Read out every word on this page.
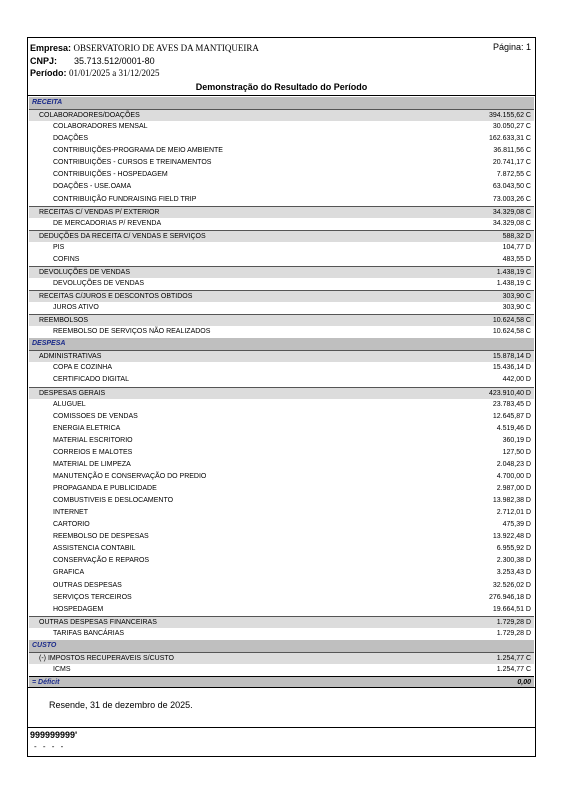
Empresa: OBSERVATORIO DE AVES DA MANTIQUEIRA	Página: 1
CNPJ: 35.713.512/0001-80
Período: 01/01/2025 a 31/12/2025
Demonstração do Resultado do Período
RECEITA
COLABORADORES/DOAÇÕES	394.155,62 C
COLABORADORES MENSAL	30.050,27 C
DOAÇÕES	162.633,31 C
CONTRIBUIÇÕES-PROGRAMA DE MEIO AMBIENTE	36.811,56 C
CONTRIBUIÇÕES - CURSOS E TREINAMENTOS	20.741,17 C
CONTRIBUIÇÕES - HOSPEDAGEM	7.872,55 C
DOAÇÕES - USE.OAMA	63.043,50 C
CONTRIBUIÇÃO FUNDRAISING FIELD TRIP	73.003,26 C
RECEITAS C/ VENDAS P/ EXTERIOR	34.329,08 C
DE MERCADORIAS P/ REVENDA	34.329,08 C
DEDUÇÕES DA RECEITA C/ VENDAS E SERVIÇOS	588,32 D
PIS	104,77 D
COFINS	483,55 D
DEVOLUÇÕES DE VENDAS	1.438,19 C
DEVOLUÇÕES DE VENDAS	1.438,19 C
RECEITAS C/JUROS E DESCONTOS OBTIDOS	303,90 C
JUROS ATIVO	303,90 C
REEMBOLSOS	10.624,58 C
REEMBOLSO DE SERVIÇOS NÃO REALIZADOS	10.624,58 C
DESPESA
ADMINISTRATIVAS	15.878,14 D
COPA E COZINHA	15.436,14 D
CERTIFICADO DIGITAL	442,00 D
DESPESAS GERAIS	423.910,40 D
ALUGUEL	23.783,45 D
COMISSOES DE VENDAS	12.645,87 D
ENERGIA ELETRICA	4.519,46 D
MATERIAL ESCRITORIO	360,19 D
CORREIOS E MALOTES	127,50 D
MATERIAL DE LIMPEZA	2.048,23 D
MANUTENÇÃO E CONSERVAÇÃO DO PREDIO	4.700,00 D
PROPAGANDA E PUBLICIDADE	2.987,00 D
COMBUSTIVEIS E DESLOCAMENTO	13.982,38 D
INTERNET	2.712,01 D
CARTORIO	475,39 D
REEMBOLSO DE DESPESAS	13.922,48 D
ASSISTENCIA CONTABIL	6.955,92 D
CONSERVAÇÃO E REPAROS	2.300,38 D
GRAFICA	3.253,43 D
OUTRAS DESPESAS	32.526,02 D
SERVIÇOS TERCEIROS	276.946,18 D
HOSPEDAGEM	19.664,51 D
OUTRAS DESPESAS FINANCEIRAS	1.729,28 D
TARIFAS BANCÁRIAS	1.729,28 D
CUSTO
(-) IMPOSTOS RECUPERAVEIS S/CUSTO	1.254,77 C
ICMS	1.254,77 C
= Déficit	0,00
Resende, 31 de dezembro de 2025.
999999999'
- - - -
